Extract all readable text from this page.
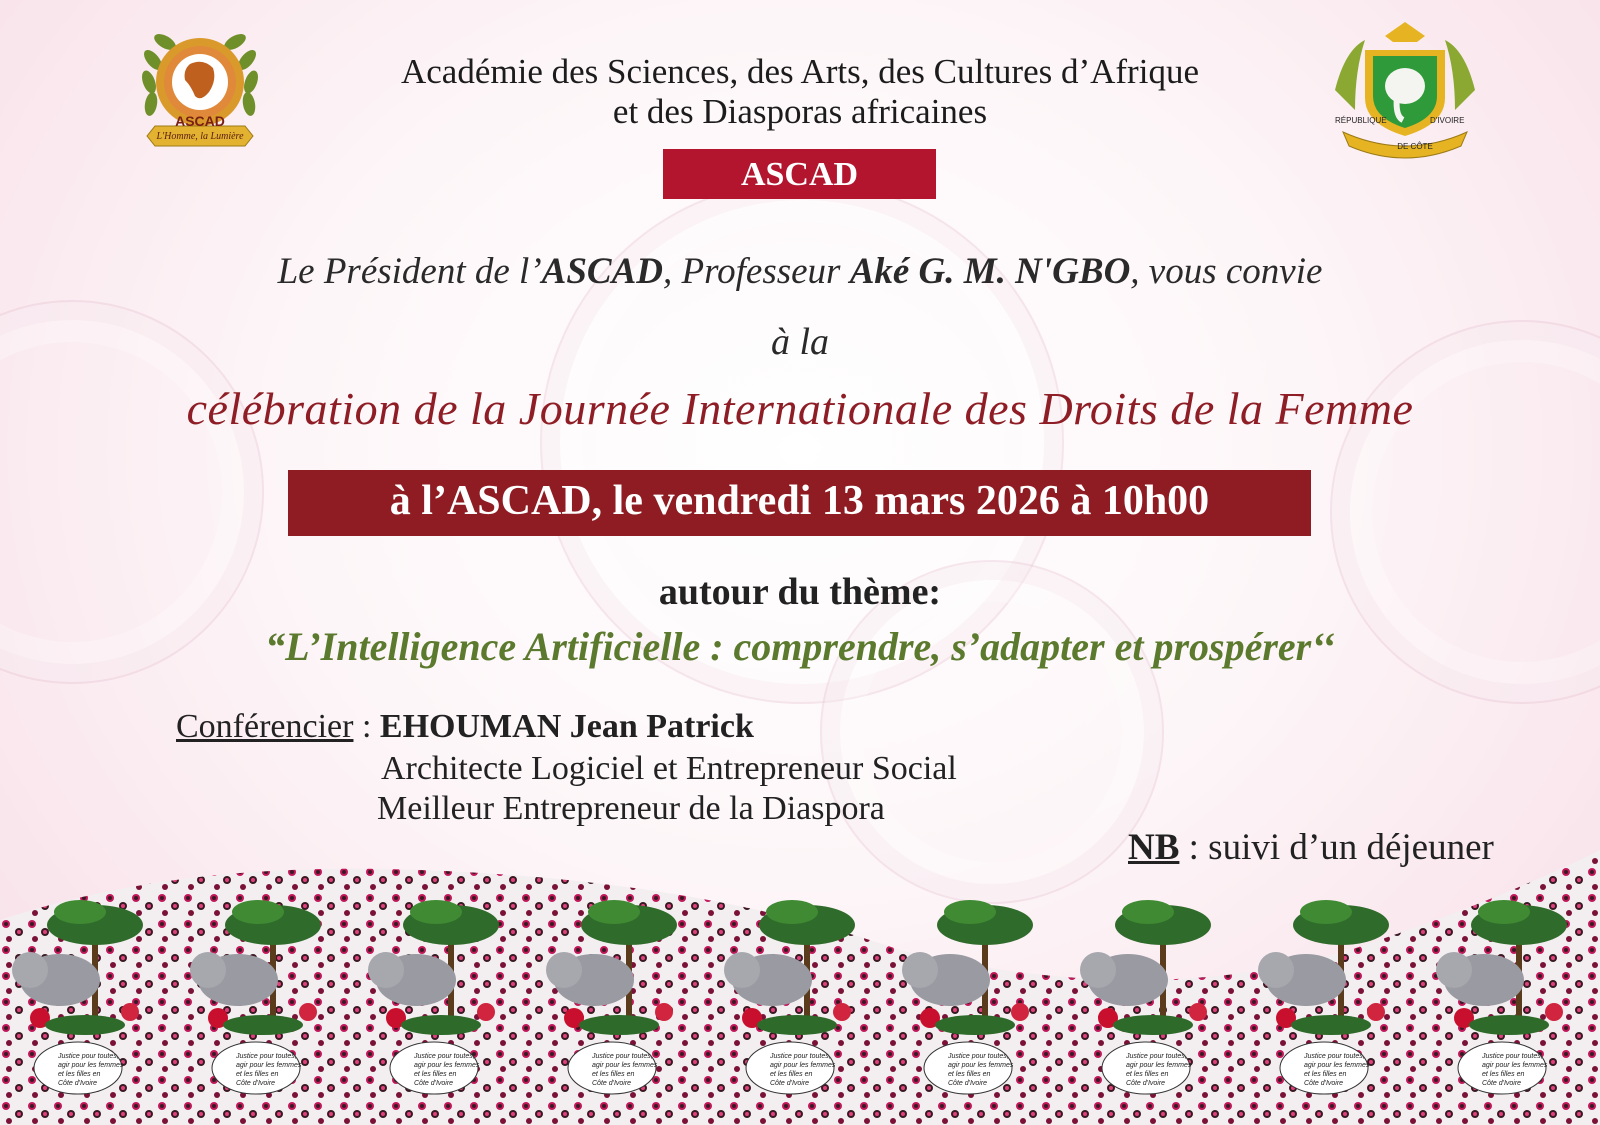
ASCAD
L'Homme, la Lumière
RÉPUBLIQUE	D'IVOIRE
DE CÔTE
Académie des Sciences, des Arts, des Cultures d’Afrique
et des Diasporas africaines
ASCAD
Le Président de l’ASCAD, Professeur Aké G. M. N'GBO, vous convie
à la
célébration de la Journée Internationale des Droits de la Femme
à l’ASCAD, le vendredi 13 mars 2026 à 10h00
autour du thème:
“L’Intelligence Artificielle : comprendre, s’adapter et prospérer‘‘
Conférencier : EHOUMAN Jean Patrick
Architecte Logiciel et Entrepreneur Social
Meilleur Entrepreneur de la Diaspora
NB : suivi d’un déjeuner
Justice pour toutes,
agir pour les femmes
et les filles en
Côte d'Ivoire
Justice pour toutes,
agir pour les femmes
et les filles en
Côte d'Ivoire
Justice pour toutes,
agir pour les femmes
et les filles en
Côte d'Ivoire
Justice pour toutes,
agir pour les femmes
et les filles en
Côte d'Ivoire
Justice pour toutes,
agir pour les femmes
et les filles en
Côte d'Ivoire
Justice pour toutes,
agir pour les femmes
et les filles en
Côte d'Ivoire
Justice pour toutes,
agir pour les femmes
et les filles en
Côte d'Ivoire
Justice pour toutes,
agir pour les femmes
et les filles en
Côte d'Ivoire
Justice pour toutes,
agir pour les femmes
et les filles en
Côte d'Ivoire
